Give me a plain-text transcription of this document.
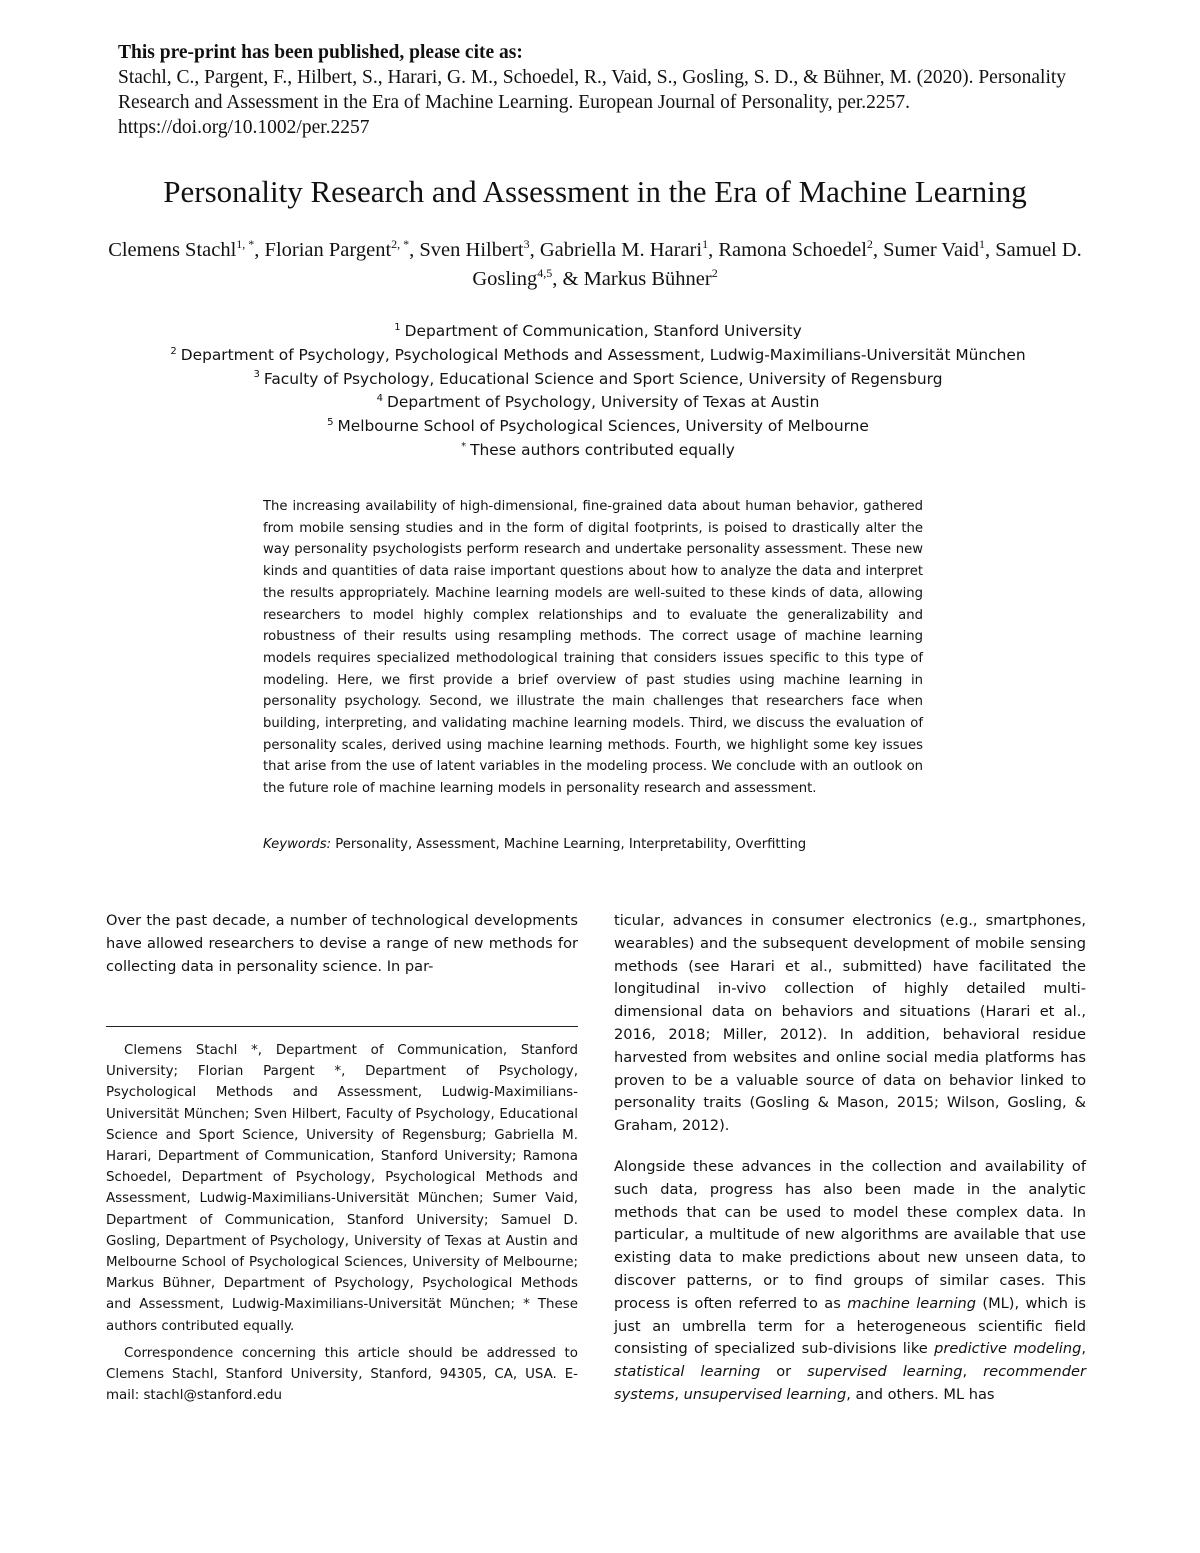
This pre-print has been published, please cite as:
Stachl, C., Pargent, F., Hilbert, S., Harari, G. M., Schoedel, R., Vaid, S., Gosling, S. D., & Bühner, M. (2020). Personality Research and Assessment in the Era of Machine Learning. European Journal of Personality, per.2257. https://doi.org/10.1002/per.2257
Personality Research and Assessment in the Era of Machine Learning
Clemens Stachl$^{1, *}$, Florian Pargent$^{2, *}$, Sven Hilbert$^3$, Gabriella M. Harari$^1$, Ramona Schoedel$^2$, Sumer Vaid$^1$, Samuel D. Gosling$^{4,5}$, & Markus Bühner$^2$
$^1$ Department of Communication, Stanford University
$^2$ Department of Psychology, Psychological Methods and Assessment, Ludwig-Maximilians-Universität München
$^3$ Faculty of Psychology, Educational Science and Sport Science, University of Regensburg
$^4$ Department of Psychology, University of Texas at Austin
$^5$ Melbourne School of Psychological Sciences, University of Melbourne
* These authors contributed equally
The increasing availability of high-dimensional, fine-grained data about human behavior, gathered from mobile sensing studies and in the form of digital footprints, is poised to drastically alter the way personality psychologists perform research and undertake personality assessment. These new kinds and quantities of data raise important questions about how to analyze the data and interpret the results appropriately. Machine learning models are well-suited to these kinds of data, allowing researchers to model highly complex relationships and to evaluate the generalizability and robustness of their results using resampling methods. The correct usage of machine learning models requires specialized methodological training that considers issues specific to this type of modeling. Here, we first provide a brief overview of past studies using machine learning in personality psychology. Second, we illustrate the main challenges that researchers face when building, interpreting, and validating machine learning models. Third, we discuss the evaluation of personality scales, derived using machine learning methods. Fourth, we highlight some key issues that arise from the use of latent variables in the modeling process. We conclude with an outlook on the future role of machine learning models in personality research and assessment.
Keywords: Personality, Assessment, Machine Learning, Interpretability, Overfitting

Over the past decade, a number of technological developments have allowed researchers to devise a range of new methods for collecting data in personality science. In par-

Clemens Stachl *, Department of Communication, Stanford University; Florian Pargent *, Department of Psychology, Psychological Methods and Assessment, Ludwig-Maximilians-Universität München; Sven Hilbert, Faculty of Psychology, Educational Science and Sport Science, University of Regensburg; Gabriella M. Harari, Department of Communication, Stanford University; Ramona Schoedel, Department of Psychology, Psychological Methods and Assessment, Ludwig-Maximilians-Universität München; Sumer Vaid, Department of Communication, Stanford University; Samuel D. Gosling, Department of Psychology, University of Texas at Austin and Melbourne School of Psychological Sciences, University of Melbourne; Markus Bühner, Department of Psychology, Psychological Methods and Assessment, Ludwig-Maximilians-Universität München; * These authors contributed equally.

Correspondence concerning this article should be addressed to Clemens Stachl, Stanford University, Stanford, 94305, CA, USA. E-mail: stachl@stanford.edu

ticular, advances in consumer electronics (e.g., smartphones, wearables) and the subsequent development of mobile sensing methods (see Harari et al., submitted) have facilitated the longitudinal in-vivo collection of highly detailed multi-dimensional data on behaviors and situations (Harari et al., 2016, 2018; Miller, 2012). In addition, behavioral residue harvested from websites and online social media platforms has proven to be a valuable source of data on behavior linked to personality traits (Gosling & Mason, 2015; Wilson, Gosling, & Graham, 2012).

Alongside these advances in the collection and availability of such data, progress has also been made in the analytic methods that can be used to model these complex data. In particular, a multitude of new algorithms are available that use existing data to make predictions about new unseen data, to discover patterns, or to find groups of similar cases. This process is often referred to as machine learning (ML), which is just an umbrella term for a heterogeneous scientific field consisting of specialized sub-divisions like predictive modeling, statistical learning or supervised learning, recommender systems, unsupervised learning, and others. ML has
